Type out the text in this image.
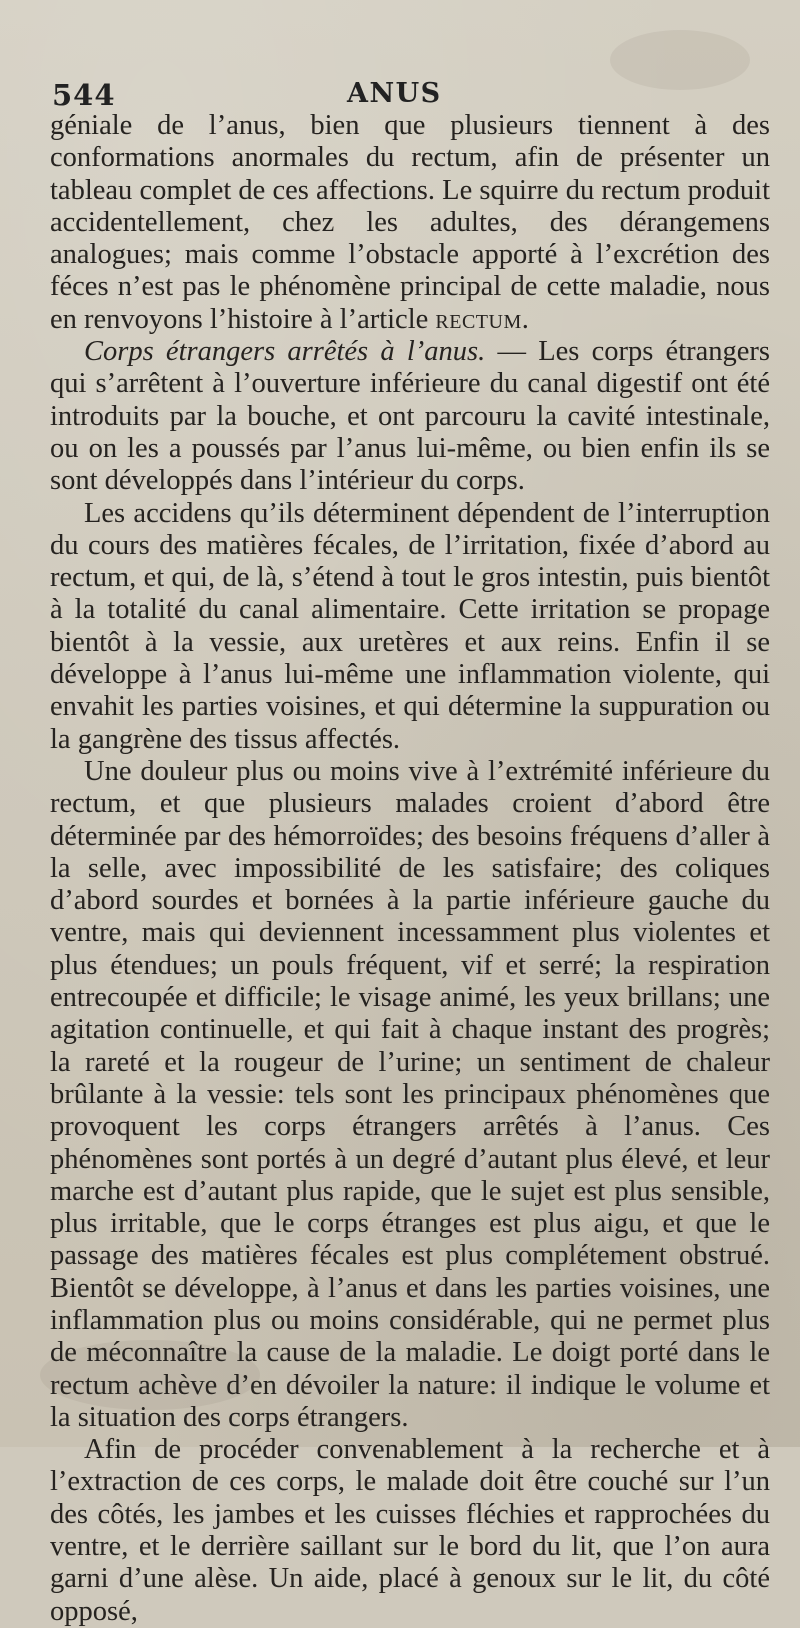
544	ANUS

géniale de l’anus, bien que plusieurs tiennent à des conformations anormales du rectum, afin de présenter un tableau complet de ces affections. Le squirre du rectum produit accidentellement, chez les adultes, des dérangemens analogues; mais comme l’obstacle apporté à l’excrétion des féces n’est pas le phénomène principal de cette maladie, nous en renvoyons l’histoire à l’article rectum.

Corps étrangers arrêtés à l’anus. — Les corps étrangers qui s’arrêtent à l’ouverture inférieure du canal digestif ont été introduits par la bouche, et ont parcouru la cavité intestinale, ou on les a poussés par l’anus lui-même, ou bien enfin ils se sont développés dans l’intérieur du corps.

Les accidens qu’ils déterminent dépendent de l’interruption du cours des matières fécales, de l’irritation, fixée d’abord au rectum, et qui, de là, s’étend à tout le gros intestin, puis bientôt à la totalité du canal alimentaire. Cette irritation se propage bientôt à la vessie, aux uretères et aux reins. Enfin il se développe à l’anus lui-même une inflammation violente, qui envahit les parties voisines, et qui détermine la suppuration ou la gangrène des tissus affectés.

Une douleur plus ou moins vive à l’extrémité inférieure du rectum, et que plusieurs malades croient d’abord être déterminée par des hémorroïdes; des besoins fréquens d’aller à la selle, avec impossibilité de les satisfaire; des coliques d’abord sourdes et bornées à la partie inférieure gauche du ventre, mais qui deviennent incessamment plus violentes et plus étendues; un pouls fréquent, vif et serré; la respiration entrecoupée et difficile; le visage animé, les yeux brillans; une agitation continuelle, et qui fait à chaque instant des progrès; la rareté et la rougeur de l’urine; un sentiment de chaleur brûlante à la vessie: tels sont les principaux phénomènes que provoquent les corps étrangers arrêtés à l’anus. Ces phénomènes sont portés à un degré d’autant plus élevé, et leur marche est d’autant plus rapide, que le sujet est plus sensible, plus irritable, que le corps étranges est plus aigu, et que le passage des matières fécales est plus complétement obstrué. Bientôt se développe, à l’anus et dans les parties voisines, une inflammation plus ou moins considérable, qui ne permet plus de méconnaître la cause de la maladie. Le doigt porté dans le rectum achève d’en dévoiler la nature: il indique le volume et la situation des corps étrangers.

Afin de procéder convenablement à la recherche et à l’extraction de ces corps, le malade doit être couché sur l’un des côtés, les jambes et les cuisses fléchies et rapprochées du ventre, et le derrière saillant sur le bord du lit, que l’on aura garni d’une alèse. Un aide, placé à genoux sur le lit, du côté opposé,
